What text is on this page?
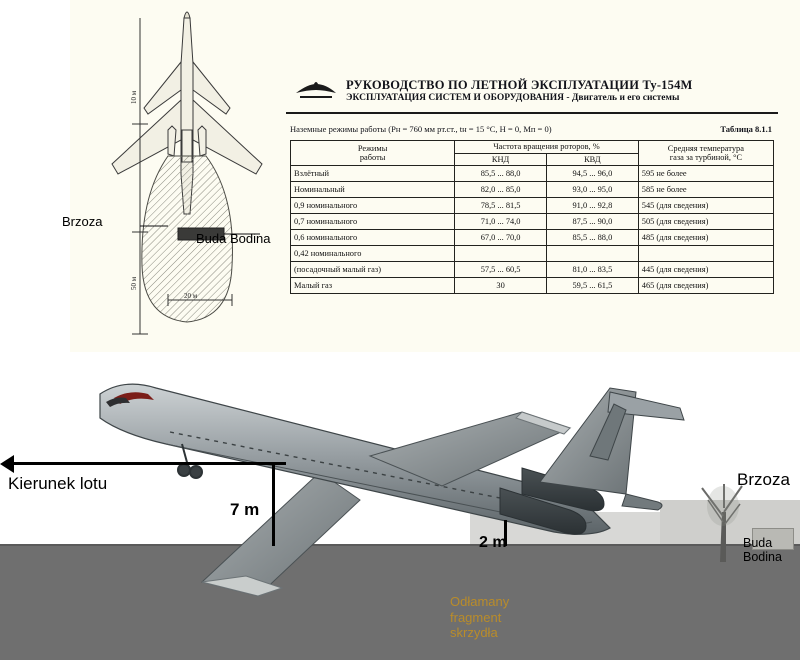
10 м
50 м
20 м
Brzoza
Buda Bodina
РУКОВОДСТВО ПО ЛЕТНОЙ ЭКСПЛУАТАЦИИ Ту-154М
ЭКСПЛУАТАЦИЯ СИСТЕМ И ОБОРУДОВАНИЯ - Двигатель и его системы
Наземные режимы работы (Рн = 760 мм рт.ст., tн = 15 °С, Н = 0, Мп = 0)	Таблица 8.1.1
Режимы
работы
	Частота вращения роторов, %	Средняя температура
газа за турбиной, °С

	КНД	КВД	
Взлётный	85,5 ... 88,0	94,5 ... 96,0	595 не более
Номинальный	82,0 ... 85,0	93,0 ... 95,0	585 не более
0,9 номинального	78,5 ... 81,5	91,0 ... 92,8	545 (для сведения)
0,7 номинального	71,0 ... 74,0	87,5 ... 90,0	505 (для сведения)
0,6 номинального	67,0 ... 70,0	85,5 ... 88,0	485 (для сведения)
0,42 номинального			
(посадочный малый газ)	57,5 ... 60,5	81,0 ... 83,5	445 (для сведения)
Малый газ	30	59,5 ... 61,5	465 (для сведения)
Kierunek lotu
7 m
2 m
Brzoza
Buda
Bodina
Odłamany
fragment
skrzydła
